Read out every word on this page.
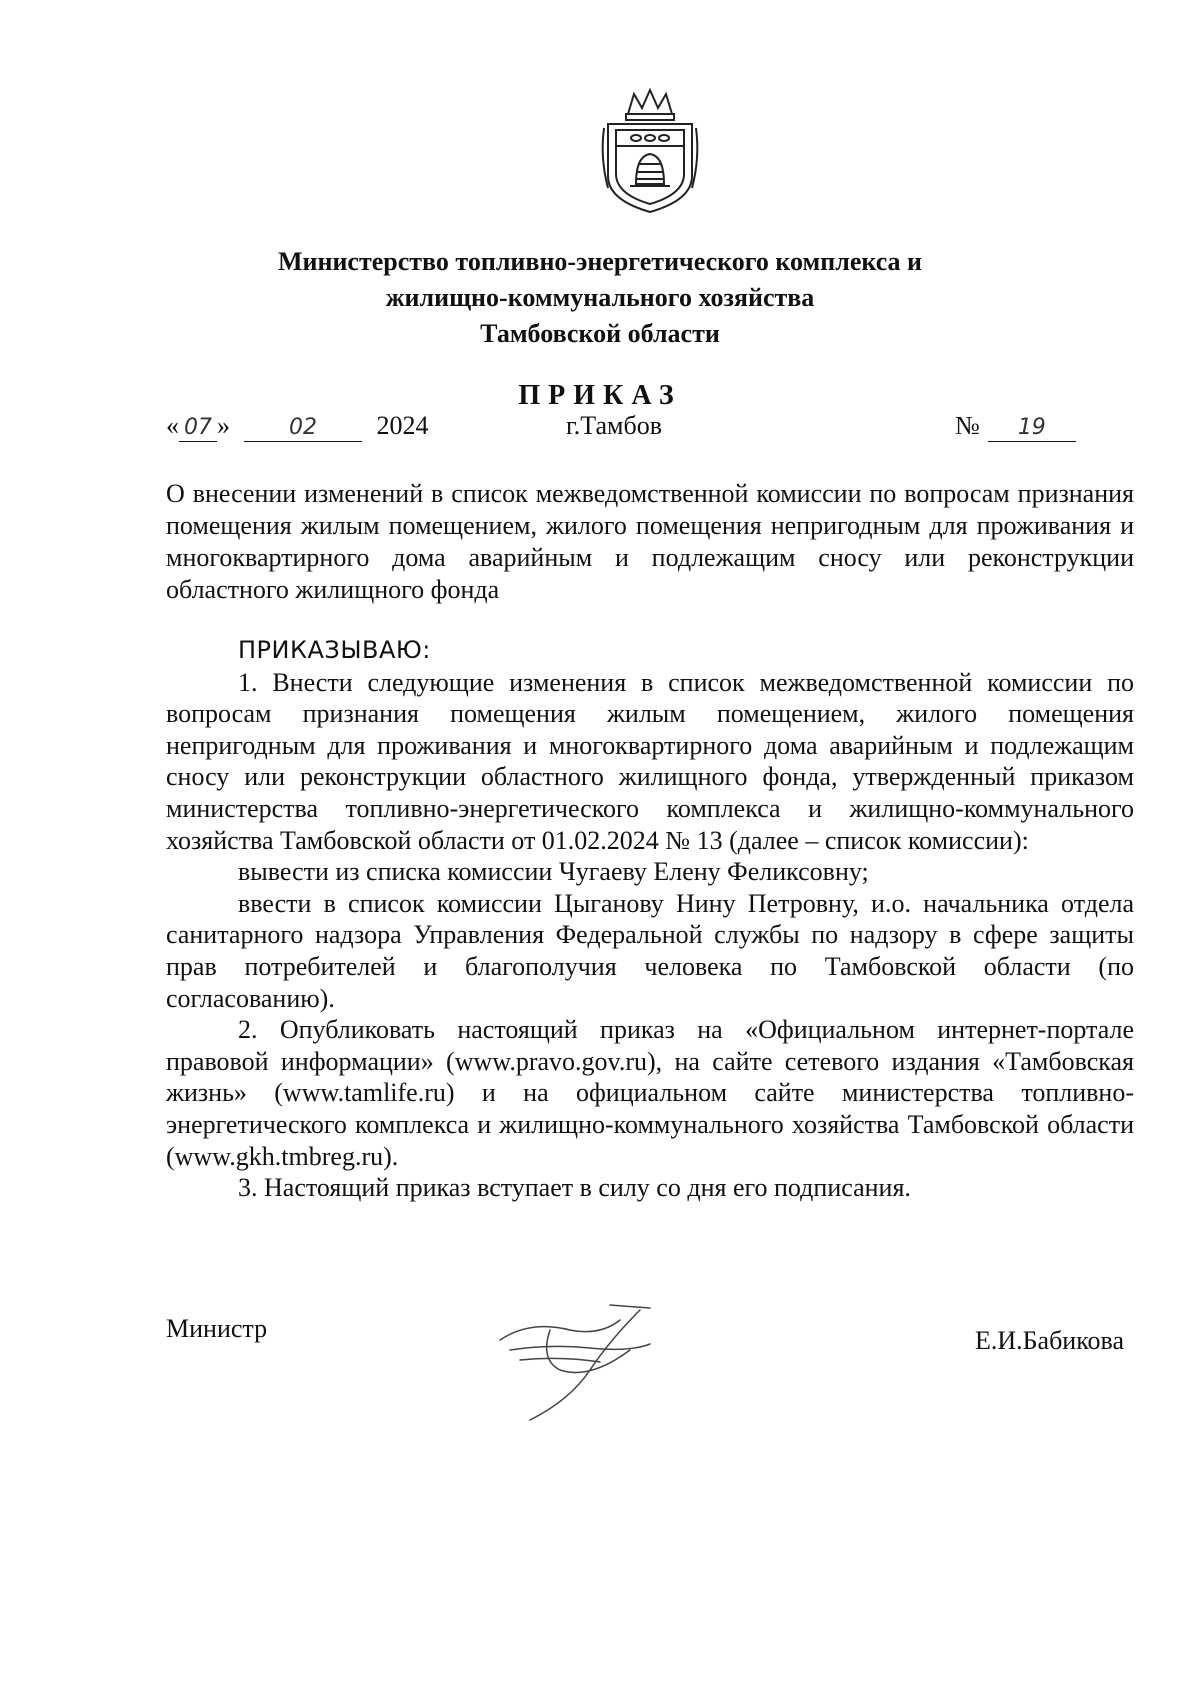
Министерство топливно-энергетического комплекса и
жилищно-коммунального хозяйства
Тамбовской области
ПРИКАЗ
« 07 »	02 2024	г.Тамбов	№ 19
О внесении изменений в список межведомственной комиссии по вопросам признания помещения жилым помещением, жилого помещения непригодным для проживания и многоквартирного дома аварийным и подлежащим сносу или реконструкции областного жилищного фонда

ПРИКАЗЫВАЮ:

1. Внести следующие изменения в список межведомственной комиссии по вопросам признания помещения жилым помещением, жилого помещения непригодным для проживания и многоквартирного дома аварийным и подлежащим сносу или реконструкции областного жилищного фонда, утвержденный приказом министерства топливно-энергетического комплекса и жилищно-коммунального хозяйства Тамбовской области от 01.02.2024 № 13 (далее – список комиссии):

вывести из списка комиссии Чугаеву Елену Феликсовну;

ввести в список комиссии Цыганову Нину Петровну, и.о. начальника отдела санитарного надзора Управления Федеральной службы по надзору в сфере защиты прав потребителей и благополучия человека по Тамбовской области (по согласованию).

2. Опубликовать настоящий приказ на «Официальном интернет-портале правовой информации» (www.pravo.gov.ru), на сайте сетевого издания «Тамбовская жизнь» (www.tamlife.ru) и на официальном сайте министерства топливно-энергетического комплекса и жилищно-коммунального хозяйства Тамбовской области (www.gkh.tmbreg.ru).

3. Настоящий приказ вступает в силу со дня его подписания.

Министр	Е.И.Бабикова
